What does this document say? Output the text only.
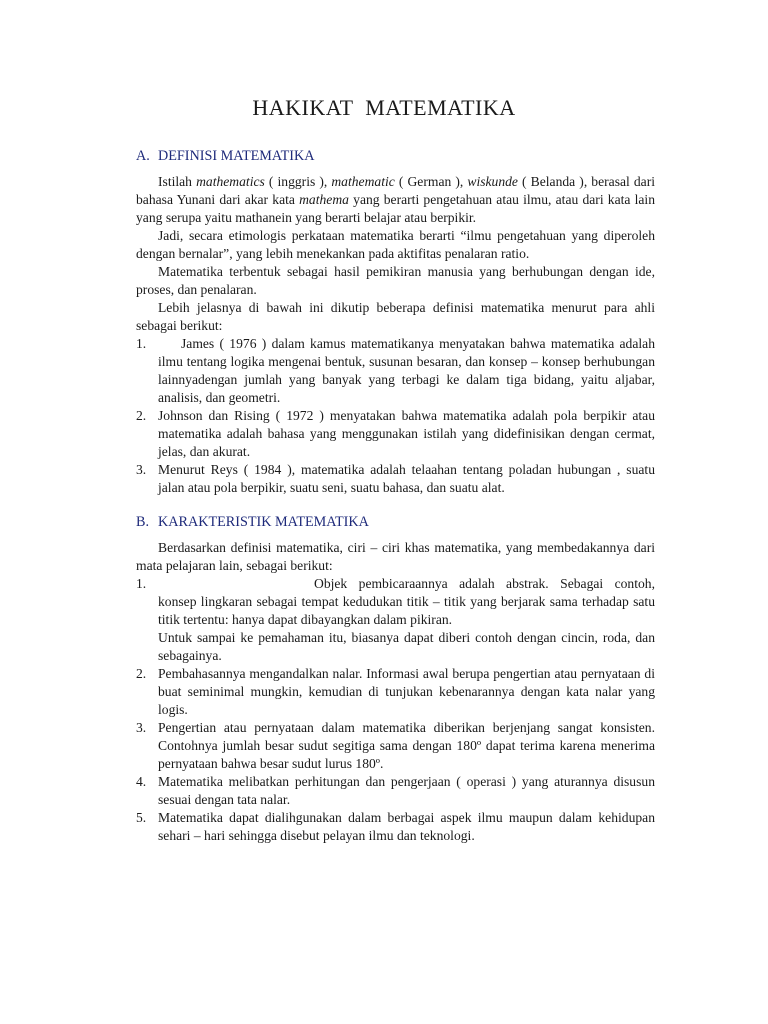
HAKIKAT MATEMATIKA
A. DEFINISI MATEMATIKA

Istilah mathematics ( inggris ), mathematic ( German ), wiskunde ( Belanda ), berasal dari bahasa Yunani dari akar kata mathema yang berarti pengetahuan atau ilmu, atau dari kata lain yang serupa yaitu mathanein yang berarti belajar atau berpikir.

Jadi, secara etimologis perkataan matematika berarti “ilmu pengetahuan yang diperoleh dengan bernalar”, yang lebih menekankan pada aktifitas penalaran ratio.

Matematika terbentuk sebagai hasil pemikiran manusia yang berhubungan dengan ide, proses, dan penalaran.

Lebih jelasnya di bawah ini dikutip beberapa definisi matematika menurut para ahli sebagai berikut:

1.	James ( 1976 ) dalam kamus matematikanya menyatakan bahwa matematika adalah ilmu tentang logika mengenai bentuk, susunan besaran, dan konsep – konsep berhubungan lainnyadengan jumlah yang banyak yang terbagi ke dalam tiga bidang, yaitu aljabar, analisis, dan geometri.
2. Johnson dan Rising ( 1972 ) menyatakan bahwa matematika adalah pola berpikir atau matematika adalah bahasa yang menggunakan istilah yang didefinisikan dengan cermat, jelas, dan akurat.
3. Menurut Reys ( 1984 ), matematika adalah telaahan tentang poladan hubungan , suatu jalan atau pola berpikir, suatu seni, suatu bahasa, dan suatu alat.
B. KARAKTERISTIK MATEMATIKA

Berdasarkan definisi matematika, ciri – ciri khas matematika, yang membedakannya dari mata pelajaran lain, sebagai berikut:

1.	Objek pembicaraannya adalah abstrak. Sebagai contoh, konsep lingkaran sebagai tempat kedudukan titik – titik yang berjarak sama terhadap satu titik tertentu: hanya dapat dibayangkan dalam pikiran.

Untuk sampai ke pemahaman itu, biasanya dapat diberi contoh dengan cincin, roda, dan sebagainya.

2. Pembahasannya mengandalkan nalar. Informasi awal berupa pengertian atau pernyataan di buat seminimal mungkin, kemudian di tunjukan kebenarannya dengan kata nalar yang logis.
3. Pengertian atau pernyataan dalam matematika diberikan berjenjang sangat konsisten. Contohnya jumlah besar sudut segitiga sama dengan 180º dapat terima karena menerima pernyataan bahwa besar sudut lurus 180º.
4. Matematika melibatkan perhitungan dan pengerjaan ( operasi ) yang aturannya disusun sesuai dengan tata nalar.
5. Matematika dapat dialihgunakan dalam berbagai aspek ilmu maupun dalam kehidupan sehari – hari sehingga disebut pelayan ilmu dan teknologi.
